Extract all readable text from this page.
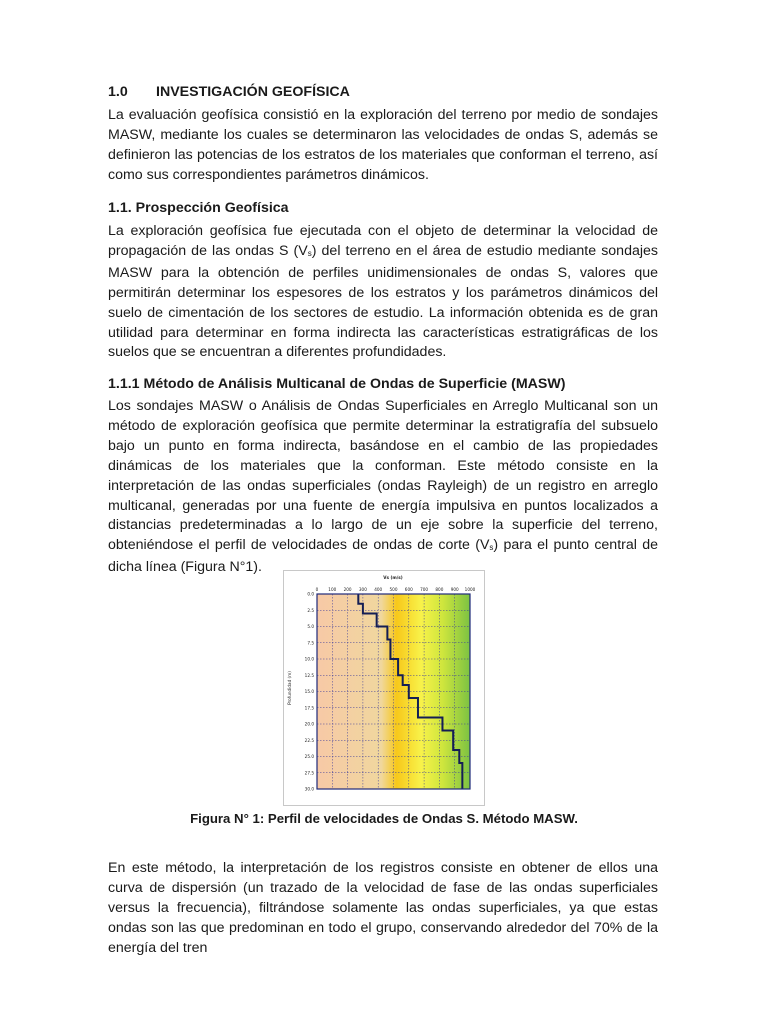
1.0 INVESTIGACIÓN GEOFÍSICA

La evaluación geofísica consistió en la exploración del terreno por medio de sondajes MASW, mediante los cuales se determinaron las velocidades de ondas S, además se definieron las potencias de los estratos de los materiales que conforman el terreno, así como sus correspondientes parámetros dinámicos.

1.1. Prospección Geofísica

La exploración geofísica fue ejecutada con el objeto de determinar la velocidad de propagación de las ondas S $(V_s)$ del terreno en el área de estudio mediante sondajes MASW para la obtención de perfiles unidimensionales de ondas S, valores que permitirán determinar los espesores de los estratos y los parámetros dinámicos del suelo de cimentación de los sectores de estudio. La información obtenida es de gran utilidad para determinar en forma indirecta las características estratigráficas de los suelos que se encuentran a diferentes profundidades.

1.1.1 Método de Análisis Multicanal de Ondas de Superficie (MASW)

Los sondajes MASW o Análisis de Ondas Superficiales en Arreglo Multicanal son un método de exploración geofísica que permite determinar la estratigrafía del subsuelo bajo un punto en forma indirecta, basándose en el cambio de las propiedades dinámicas de los materiales que la conforman. Este método consiste en la interpretación de las ondas superficiales (ondas Rayleigh) de un registro en arreglo multicanal, generadas por una fuente de energía impulsiva en puntos localizados a distancias predeterminadas a lo largo de un eje sobre la superficie del terreno, obteniéndose el perfil de velocidades de ondas de corte $(V_s)$ para el punto central de dicha línea (Figura N°1).

En este método, la interpretación de los registros consiste en obtener de ellos una curva de dispersión (un trazado de la velocidad de fase de las ondas superficiales versus la frecuencia), filtrándose solamente las ondas superficiales, ya que estas ondas son las que predominan en todo el grupo, conservando alrededor del 70% de la energía del tren

Vs (m/s)
Profundidad (m)
0 100 200 300 400 500 600 700 800 900 1000
0.0
2.5
5.0
7.5
10.0
12.5
15.0
17.5
20.0
22.5
25.0
27.5
30.0

Figura N° 1: Perfil de velocidades de Ondas S. Método MASW.
